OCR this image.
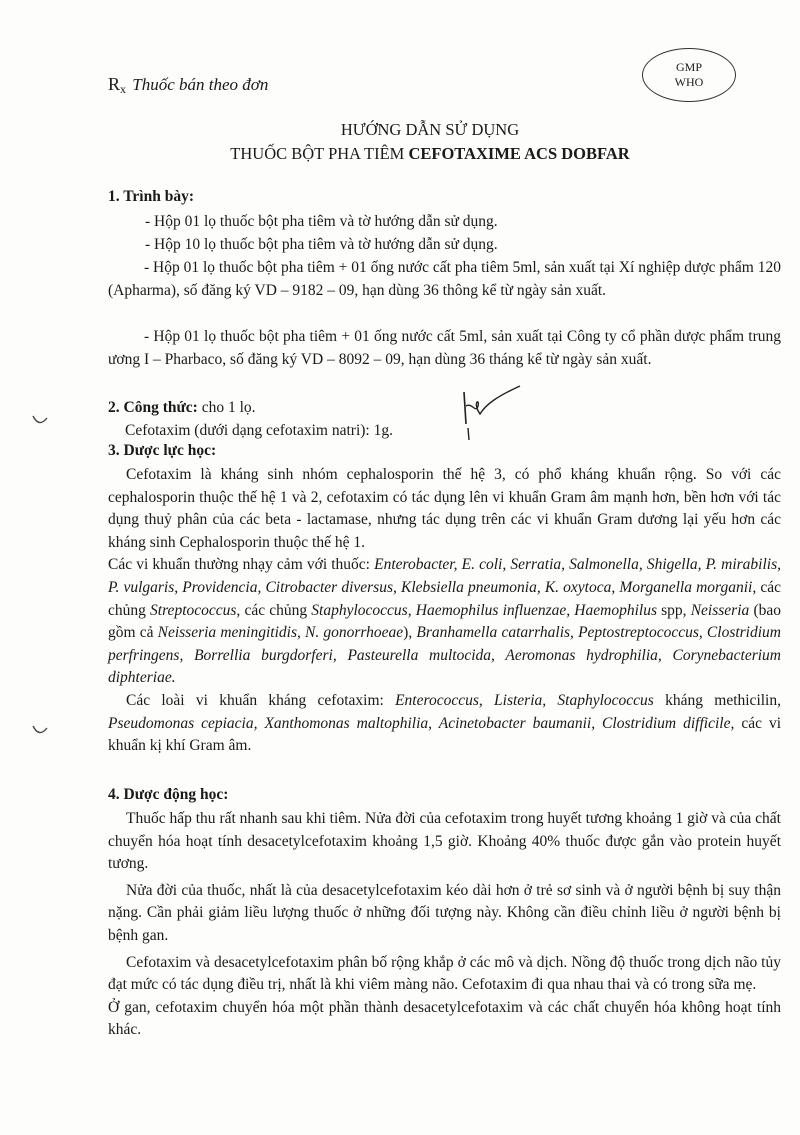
Rx Thuốc bán theo đơn
GMP
WHO
HƯỚNG DẪN SỬ DỤNG
THUỐC BỘT PHA TIÊM CEFOTAXIME ACS DOBFAR
1. Trình bày:
- Hộp 01 lọ thuốc bột pha tiêm và tờ hướng dẫn sử dụng.
- Hộp 10 lọ thuốc bột pha tiêm và tờ hướng dẫn sử dụng.

- Hộp 01 lọ thuốc bột pha tiêm + 01 ống nước cất pha tiêm 5ml, sản xuất tại Xí nghiệp dược phẩm 120 (Apharma), số đăng ký VD – 9182 – 09, hạn dùng 36 thông kể từ ngày sản xuất.

- Hộp 01 lọ thuốc bột pha tiêm + 01 ống nước cất 5ml, sản xuất tại Công ty cổ phần dược phẩm trung ương I – Pharbaco, số đăng ký VD – 8092 – 09, hạn dùng 36 tháng kể từ ngày sản xuất.

2. Công thức: cho 1 lọ.
Cefotaxim (dưới dạng cefotaxim natri): 1g.
3. Dược lực học:

Cefotaxim là kháng sinh nhóm cephalosporin thế hệ 3, có phổ kháng khuẩn rộng. So với các cephalosporin thuộc thế hệ 1 và 2, cefotaxim có tác dụng lên vi khuẩn Gram âm mạnh hơn, bền hơn với tác dụng thuỷ phân của các beta - lactamase, nhưng tác dụng trên các vi khuẩn Gram dương lại yếu hơn các kháng sinh Cephalosporin thuộc thế hệ 1.

Các vi khuẩn thường nhạy cảm với thuốc: Enterobacter, E. coli, Serratia, Salmonella, Shigella, P. mirabilis, P. vulgaris, Providencia, Citrobacter diversus, Klebsiella pneumonia, K. oxytoca, Morganella morganii, các chủng Streptococcus, các chủng Staphylococcus, Haemophilus influenzae, Haemophilus spp, Neisseria (bao gồm cả Neisseria meningitidis, N. gonorrhoeae), Branhamella catarrhalis, Peptostreptococcus, Clostridium perfringens, Borrellia burgdorferi, Pasteurella multocida, Aeromonas hydrophilia, Corynebacterium diphteriae.

Các loài vi khuẩn kháng cefotaxim: Enterococcus, Listeria, Staphylococcus kháng methicilin, Pseudomonas cepiacia, Xanthomonas maltophilia, Acinetobacter baumanii, Clostridium difficile, các vi khuẩn kị khí Gram âm.

4. Dược động học:

Thuốc hấp thu rất nhanh sau khi tiêm. Nửa đời của cefotaxim trong huyết tương khoảng 1 giờ và của chất chuyển hóa hoạt tính desacetylcefotaxim khoảng 1,5 giờ. Khoảng 40% thuốc được gắn vào protein huyết tương.

Nửa đời của thuốc, nhất là của desacetylcefotaxim kéo dài hơn ở trẻ sơ sinh và ở người bệnh bị suy thận nặng. Cần phải giảm liều lượng thuốc ở những đối tượng này. Không cần điều chỉnh liều ở người bệnh bị bệnh gan.

Cefotaxim và desacetylcefotaxim phân bố rộng khắp ở các mô và dịch. Nồng độ thuốc trong dịch não tủy đạt mức có tác dụng điều trị, nhất là khi viêm màng não. Cefotaxim đi qua nhau thai và có trong sữa mẹ.

Ở gan, cefotaxim chuyển hóa một phần thành desacetylcefotaxim và các chất chuyển hóa không hoạt tính khác.
